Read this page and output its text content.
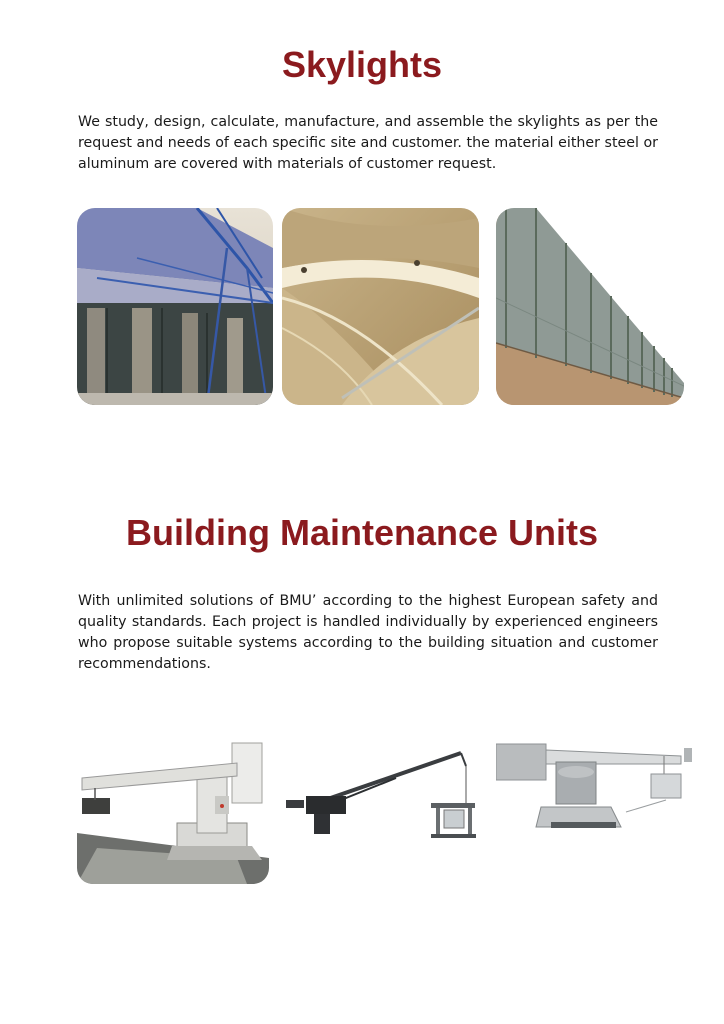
Skylights

We study, design, calculate, manufacture, and assemble the skylights as per the request and needs of each specific site and customer. the material either steel or aluminum are covered with materials of customer request.

Building Maintenance Units

With unlimited solutions of BMU’ according to the highest European safety and quality standards. Each project is handled individually by experienced engineers who propose suitable systems according to the building situation and customer recommendations.
